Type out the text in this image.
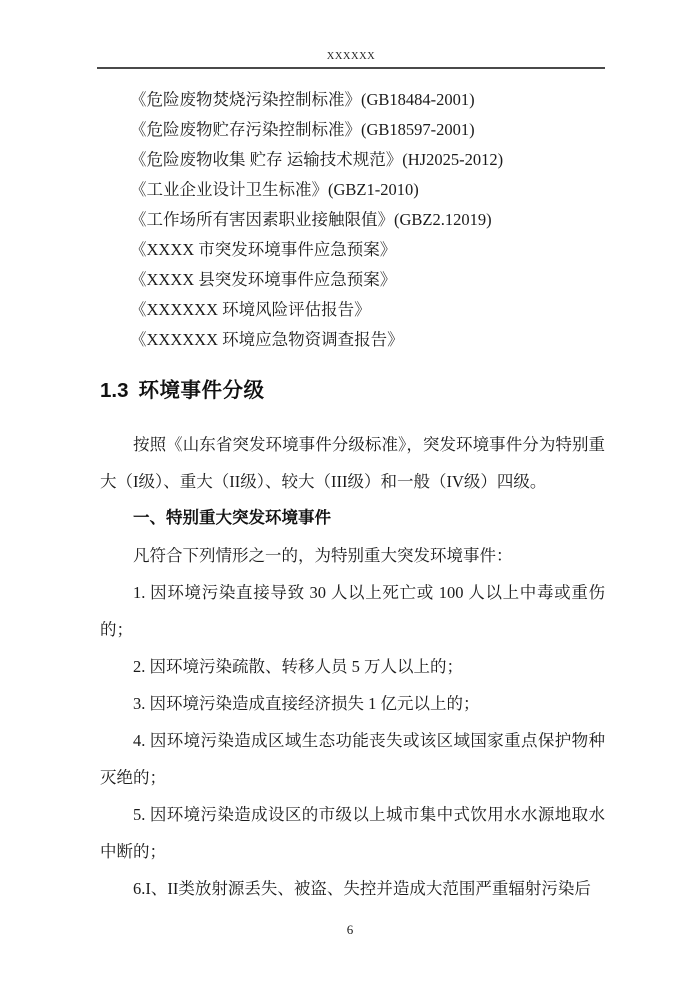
XXXXXX

《危险废物焚烧污染控制标准》(GB18484-2001)

《危险废物贮存污染控制标准》(GB18597-2001)

《危险废物收集 贮存 运输技术规范》(HJ2025-2012)

《工业企业设计卫生标准》(GBZ1-2010)

《工作场所有害因素职业接触限值》(GBZ2.12019)

《XXXX 市突发环境事件应急预案》

《XXXX 县突发环境事件应急预案》

《XXXXXX 环境风险评估报告》

《XXXXXX 环境应急物资调查报告》

1.3 环境事件分级

按照《山东省突发环境事件分级标准》，突发环境事件分为特别重大（I级）、重大（II级）、较大（III级）和一般（IV级）四级。

一、特别重大突发环境事件

凡符合下列情形之一的，为特别重大突发环境事件：

1. 因环境污染直接导致 30 人以上死亡或 100 人以上中毒或重伤的；

2. 因环境污染疏散、转移人员 5 万人以上的；

3. 因环境污染造成直接经济损失 1 亿元以上的；

4. 因环境污染造成区域生态功能丧失或该区域国家重点保护物种灭绝的；

5. 因环境污染造成设区的市级以上城市集中式饮用水水源地取水中断的；

6.I、II类放射源丢失、被盗、失控并造成大范围严重辐射污染后

6
